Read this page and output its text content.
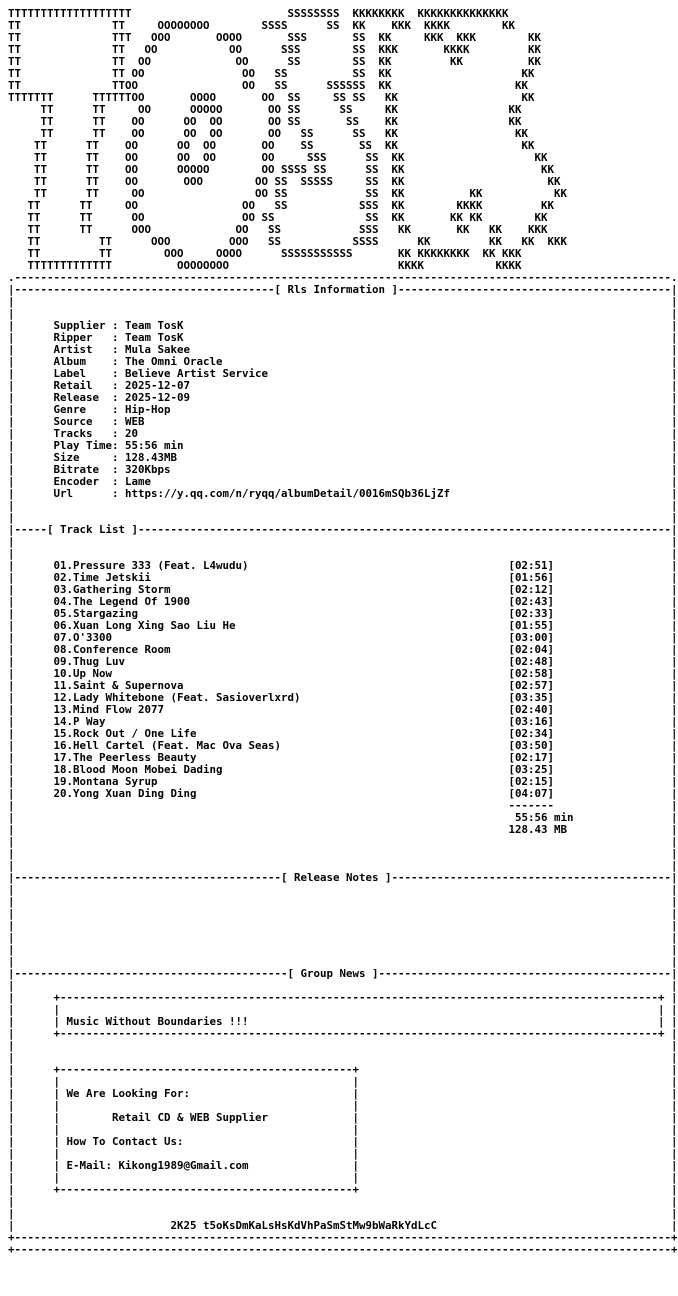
TTTTTTTTTTTTTTTTTTT                        SSSSSSSS  KKKKKKKK  KKKKKKKKKKKKKK
TT              TT     OOOOOOOO        SSSS      SS  KK    KKK  KKKK        KK
TT              TTT   OOO       OOOO       SSS       SS  KK     KKK  KKK        KK
TT              TT   OO           OO      SSS        SS  KKK       KKKK         KK
TT              TT  OO             OO      SS        SS  KK         KK          KK
TT              TT OO               OO   SS          SS  KK                    KK
TT              TTOO                OO   SS      SSSSSS  KK                   KK
TTTTTTT      TTTTTTOO       OOOO       OO  SS     SS SS   KK                   KK
TT      TT     OO      OOOOO       OO SS      SS     KK                 KK
TT      TT    OO      OO  OO       OO SS       SS    KK                 KK
TT      TT    OO      OO  OO       OO   SS      SS   KK                  KK
TT      TT    OO      OO  OO       OO    SS       SS  KK                   KK
TT      TT    OO      OO  OO       OO     SSS      SS  KK                    KK
TT      TT    OO      OOOOO        OO SSSS SS      SS  KK                     KK
TT      TT    OO       OOO        OO SS  SSSSS     SS  KK                      KK
TT      TT     OO                 OO SS            SS  KK          KK           KK
TT      TT     OO                OO   SS           SSS  KK        KKKK         KK
TT      TT      OO               OO SS              SS  KK       KK KK        KK
TT      TT      OOO             OO   SS            SSS   KK       KK   KK    KKK
TT         TT      OOO         OOO   SS           SSSS      KK         KK   KK  KKK
TT         TT        OOO     OOOO      SSSSSSSSSSS       KK KKKKKKKK  KK KKK
TTTTTTTTTTTTT          OOOOOOOO                          KKKK           KKKK
.-----------------------------------------------------------------------------------------------------.
|----------------------------------------[ Rls Information ]------------------------------------------|
|                                                                                                     |
|                                                                                                     |
|      Supplier : Team TosK	|
|      Ripper   : Team TosK	|
|      Artist   : Mula Sakee	|
|      Album    : The Omni Oracle	|
|      Label    : Believe Artist Service	|
|      Retail   : 2025-12-07	|
|      Release  : 2025-12-09	|
|      Genre    : Hip-Hop	|
|      Source   : WEB	|
|      Tracks   : 20	|
|      Play Time: 55:56 min	|
|      Size     : 128.43MB	|
|      Bitrate  : 320Kbps	|
|      Encoder  : Lame	|
|      Url      : https://y.qq.com/n/ryqq/albumDetail/0016mSQb36LjZf	|
|                                                                                                     |
|                                                                                                     |
|-----[ Track List ]----------------------------------------------------------------------------------|
|                                                                                                     |
|                                                                                                     |
|      01.Pressure 333 (Feat. L4wudu)                                        [02:51]	|
|      02.Time Jetskii                                                       [01:56]	|
|      03.Gathering Storm                                                    [02:12]	|
|      04.The Legend Of 1900                                                 [02:43]	|
|      05.Stargazing                                                         [02:33]	|
|      06.Xuan Long Xing Sao Liu He                                          [01:55]	|
|      07.O'3300                                                             [03:00]	|
|      08.Conference Room                                                    [02:04]	|
|      09.Thug Luv                                                           [02:48]	|
|      10.Up Now                                                             [02:58]	|
|      11.Saint & Supernova                                                  [02:57]	|
|      12.Lady Whitebone (Feat. Sasioverlxrd)                                [03:35]	|
|      13.Mind Flow 2077                                                     [02:40]	|
|      14.P Way                                                              [03:16]	|
|      15.Rock Out / One Life                                                [02:34]	|
|      16.Hell Cartel (Feat. Mac Ova Seas)                                   [03:50]	|
|      17.The Peerless Beauty                                                [02:17]	|
|      18.Blood Moon Mobei Dading                                            [03:25]	|
|      19.Montana Syrup                                                      [02:15]	|
|      20.Yong Xuan Ding Ding                                                [04:07]	|
|                                                                            -------	|
|                                                                             55:56 min	|
|                                                                            128.43 MB	|
|                                                                                                     |
|                                                                                                     |
|                                                                                                     |
|-----------------------------------------[ Release Notes ]-------------------------------------------|
|                                                                                                     |
|                                                                                                     |
|                                                                                                     |
|                                                                                                     |
|                                                                                                     |
|                                                                                                     |
|                                                                                                     |
|------------------------------------------[ Group News ]---------------------------------------------|
|                                                                                                     |
|      +--------------------------------------------------------------------------------------------+ |
|      |                                                                                            | |
|      | Music Without Boundaries !!!                                                               | |
|      +--------------------------------------------------------------------------------------------+ |
|                                                                                                     |
|                                                                                                     |
|      +---------------------------------------------+	|
|      |                                             |	|
|      | We Are Looking For:                         |	|
|      |                                             |	|
|      |        Retail CD & WEB Supplier             |	|
|      |                                             |	|
|      | How To Contact Us:                          |	|
|      |                                             |	|
|      | E-Mail: Kikong1989@Gmail.com                |	|
|      |                                             |	|
|      +---------------------------------------------+	|
|                                                                                                     |
|                                                                                                     |
|                        2K25 t5oKsDmKaLsHsKdVhPaSmStMw9bWaRkYdLcC	|
+-----------------------------------------------------------------------------------------------------+
+-----------------------------------------------------------------------------------------------------+
